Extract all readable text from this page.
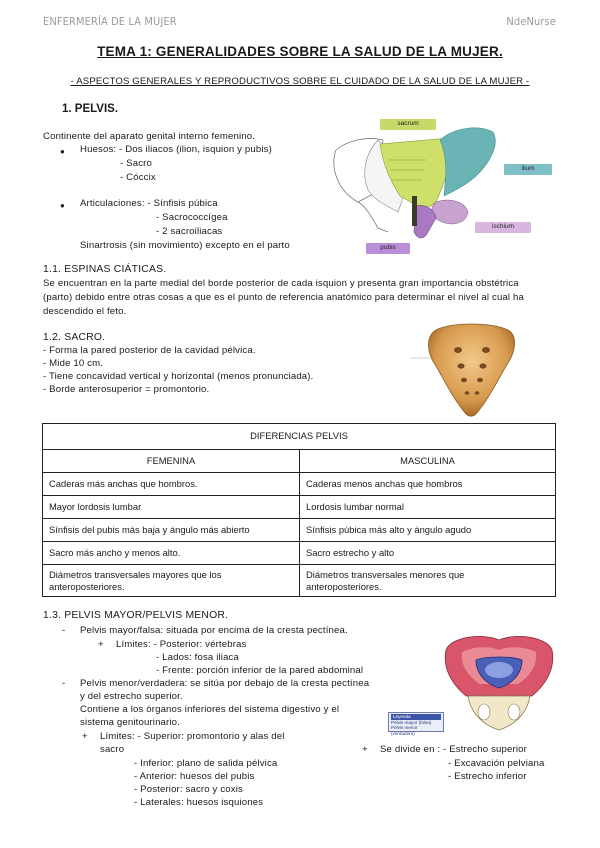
ENFERMERÍA DE LA MUJER	NdeNurse
TEMA 1: GENERALIDADES SOBRE LA SALUD DE LA MUJER.
- ASPECTOS GENERALES Y REPRODUCTIVOS SOBRE EL CUIDADO DE LA SALUD DE LA MUJER -
1. PELVIS.
Continente del aparato genital interno femenino.
● Huesos: - Dos iliacos (ilion, isquion y pubis)
- Sacro
- Cóccix
● Articulaciones: - Sínfisis púbica
- Sacrococcígea
- 2 sacroiliacas
Sinartrosis (sin movimiento) excepto en el parto
sacrum
ilium
ischium
pubis
1.1. ESPINAS CIÁTICAS.
Se encuentran en la parte medial del borde posterior de cada isquion y presenta gran importancia obstétrica
(parto) debido entre otras cosas a que es el punto de referencia anatómico para determinar el nivel al cual ha
descendido el feto.
1.2. SACRO.
- Forma la pared posterior de la cavidad pélvica.
- Mide 10 cm.
- Tiene concavidad vertical y horizontal (menos pronunciada).
- Borde anterosuperior = promontorio.
DIFERENCIAS PELVIS	
FEMENINA	MASCULINA
Caderas más anchas que hombros.	Caderas menos anchas que hombros
Mayor lordosis lumbar	Lordosis lumbar normal
Sínfisis del pubis más baja y ángulo más abierto	Sínfisis púbica más alto y ángulo agudo
Sacro más ancho y menos alto.	Sacro estrecho y alto
Diámetros transversales mayores que los
anteroposteriores.	Diámetros transversales menores que
anteroposteriores.
1.3. PELVIS MAYOR/PELVIS MENOR.
- Pelvis mayor/falsa: situada por encima de la cresta pectínea.
+ Límites: - Posterior: vértebras
- Lados: fosa iliaca
- Frente: porción inferior de la pared abdominal
- Pelvis menor/verdadera: se sitúa por debajo de la cresta pectínea
y del estrecho superior.
Contiene a los órganos inferiores del sistema digestivo y el
sistema genitourinario.
+ Límites: - Superior: promontorio y alas del
sacro
- Inferior: plano de salida pélvica
- Anterior: huesos del pubis
- Posterior: sacro y coxis
- Laterales: huesos isquiones
+ Se divide en : - Estrecho superior
- Excavación pelviana
- Estrecho inferior
Leyenda
Pelvis mayor (falsa)
Pelvis menor (verdadera)
